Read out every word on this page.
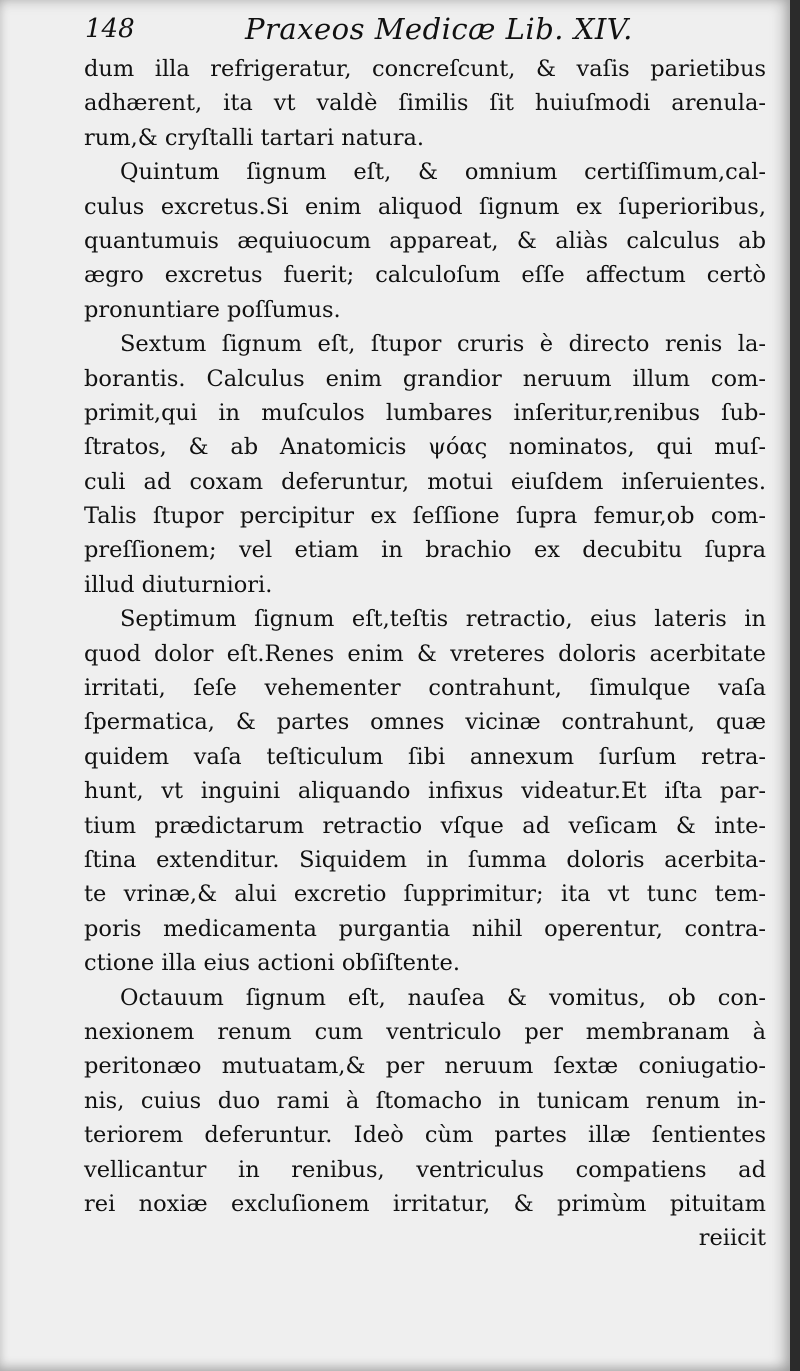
148	Praxeos Medicæ Lib. XIV.
dum illa refrigeratur, concreſcunt, & vaſis parietibus
adhærent, ita vt valdè ſimilis ſit huiuſmodi arenula-
rum,& cryſtalli tartari natura.
Quintum ſignum eſt, & omnium certiſſimum,cal-
culus excretus.Si enim aliquod ſignum ex ſuperioribus,
quantumuis æquiuocum appareat, & aliàs calculus ab
ægro excretus fuerit; calculoſum eſſe affectum certò
pronuntiare poſſumus.
Sextum ſignum eſt, ſtupor cruris è directo renis la-
borantis. Calculus enim grandior neruum illum com-
primit,qui in muſculos lumbares inſeritur,renibus ſub-
ſtratos, & ab Anatomicis ψόας nominatos, qui muſ-
culi ad coxam deferuntur, motui eiuſdem inſeruientes.
Talis ſtupor percipitur ex ſeſſione ſupra femur,ob com-
preſſionem; vel etiam in brachio ex decubitu ſupra
illud diuturniori.
Septimum ſignum eſt,teſtis retractio, eius lateris in
quod dolor eſt.Renes enim & vreteres doloris acerbitate
irritati, ſeſe vehementer contrahunt, ſimulque vaſa
ſpermatica, & partes omnes vicinæ contrahunt, quæ
quidem vaſa teſticulum ſibi annexum ſurſum retra-
hunt, vt inguini aliquando infixus videatur.Et iſta par-
tium prædictarum retractio vſque ad veſicam & inte-
ſtina extenditur. Siquidem in ſumma doloris acerbita-
te vrinæ,& alui excretio ſupprimitur; ita vt tunc tem-
poris medicamenta purgantia nihil operentur, contra-
ctione illa eius actioni obſiſtente.
Octauum ſignum eſt, nauſea & vomitus, ob con-
nexionem renum cum ventriculo per membranam à
peritonæo mutuatam,& per neruum ſextæ coniugatio-
nis, cuius duo rami à ſtomacho in tunicam renum in-
teriorem deferuntur. Ideò cùm partes illæ ſentientes
vellicantur in renibus, ventriculus compatiens ad
rei noxiæ excluſionem irritatur, & primùm pituitam
reiicit
